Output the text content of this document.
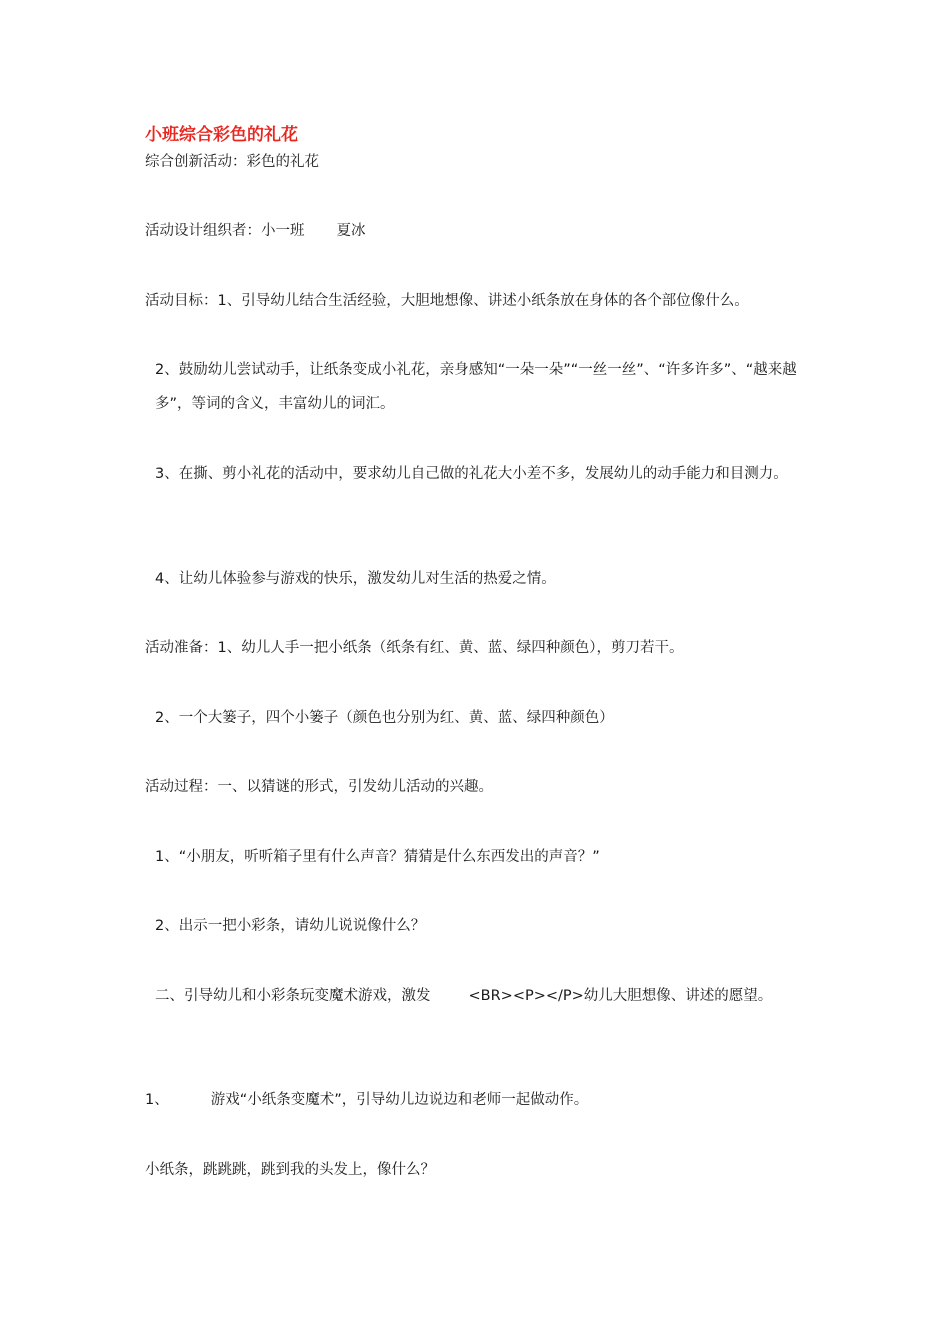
小班综合彩色的礼花
综合创新活动：彩色的礼花
活动设计组织者：小一班 夏冰
活动目标：1、引导幼儿结合生活经验，大胆地想像、讲述小纸条放在身体的各个部位像什么。
2、鼓励幼儿尝试动手，让纸条变成小礼花，亲身感知“一朵一朵”“一丝一丝”、“许多许多”、“越来越多”，等词的含义，丰富幼儿的词汇。
3、在撕、剪小礼花的活动中，要求幼儿自己做的礼花大小差不多，发展幼儿的动手能力和目测力。
4、让幼儿体验参与游戏的快乐，激发幼儿对生活的热爱之情。
活动准备：1、幼儿人手一把小纸条（纸条有红、黄、蓝、绿四种颜色），剪刀若干。
2、一个大篓子，四个小篓子（颜色也分别为红、黄、蓝、绿四种颜色）
活动过程：一、以猜谜的形式，引发幼儿活动的兴趣。
1、“小朋友，听听箱子里有什么声音？猜猜是什么东西发出的声音？”
2、出示一把小彩条，请幼儿说说像什么？
二、引导幼儿和小彩条玩变魔术游戏，激发	<BR><P></P>幼儿大胆想像、讲述的愿望。
1、	游戏“小纸条变魔术”，引导幼儿边说边和老师一起做动作。
小纸条，跳跳跳，跳到我的头发上，像什么？
